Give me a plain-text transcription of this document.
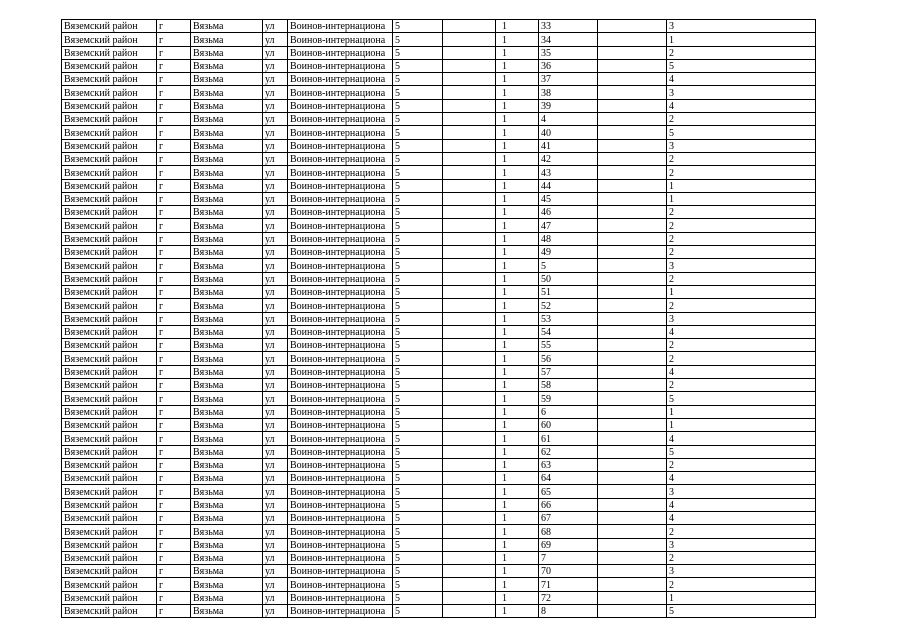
Вяземский район	г	Вязьма	ул	Воинов-интернациона	5		1	33		3
Вяземский район	г	Вязьма	ул	Воинов-интернациона	5		1	34		1
Вяземский район	г	Вязьма	ул	Воинов-интернациона	5		1	35		2
Вяземский район	г	Вязьма	ул	Воинов-интернациона	5		1	36		5
Вяземский район	г	Вязьма	ул	Воинов-интернациона	5		1	37		4
Вяземский район	г	Вязьма	ул	Воинов-интернациона	5		1	38		3
Вяземский район	г	Вязьма	ул	Воинов-интернациона	5		1	39		4
Вяземский район	г	Вязьма	ул	Воинов-интернациона	5		1	4		2
Вяземский район	г	Вязьма	ул	Воинов-интернациона	5		1	40		5
Вяземский район	г	Вязьма	ул	Воинов-интернациона	5		1	41		3
Вяземский район	г	Вязьма	ул	Воинов-интернациона	5		1	42		2
Вяземский район	г	Вязьма	ул	Воинов-интернациона	5		1	43		2
Вяземский район	г	Вязьма	ул	Воинов-интернациона	5		1	44		1
Вяземский район	г	Вязьма	ул	Воинов-интернациона	5		1	45		1
Вяземский район	г	Вязьма	ул	Воинов-интернациона	5		1	46		2
Вяземский район	г	Вязьма	ул	Воинов-интернациона	5		1	47		2
Вяземский район	г	Вязьма	ул	Воинов-интернациона	5		1	48		2
Вяземский район	г	Вязьма	ул	Воинов-интернациона	5		1	49		2
Вяземский район	г	Вязьма	ул	Воинов-интернациона	5		1	5		3
Вяземский район	г	Вязьма	ул	Воинов-интернациона	5		1	50		2
Вяземский район	г	Вязьма	ул	Воинов-интернациона	5		1	51		1
Вяземский район	г	Вязьма	ул	Воинов-интернациона	5		1	52		2
Вяземский район	г	Вязьма	ул	Воинов-интернациона	5		1	53		3
Вяземский район	г	Вязьма	ул	Воинов-интернациона	5		1	54		4
Вяземский район	г	Вязьма	ул	Воинов-интернациона	5		1	55		2
Вяземский район	г	Вязьма	ул	Воинов-интернациона	5		1	56		2
Вяземский район	г	Вязьма	ул	Воинов-интернациона	5		1	57		4
Вяземский район	г	Вязьма	ул	Воинов-интернациона	5		1	58		2
Вяземский район	г	Вязьма	ул	Воинов-интернациона	5		1	59		5
Вяземский район	г	Вязьма	ул	Воинов-интернациона	5		1	6		1
Вяземский район	г	Вязьма	ул	Воинов-интернациона	5		1	60		1
Вяземский район	г	Вязьма	ул	Воинов-интернациона	5		1	61		4
Вяземский район	г	Вязьма	ул	Воинов-интернациона	5		1	62		5
Вяземский район	г	Вязьма	ул	Воинов-интернациона	5		1	63		2
Вяземский район	г	Вязьма	ул	Воинов-интернациона	5		1	64		4
Вяземский район	г	Вязьма	ул	Воинов-интернациона	5		1	65		3
Вяземский район	г	Вязьма	ул	Воинов-интернациона	5		1	66		4
Вяземский район	г	Вязьма	ул	Воинов-интернациона	5		1	67		4
Вяземский район	г	Вязьма	ул	Воинов-интернациона	5		1	68		2
Вяземский район	г	Вязьма	ул	Воинов-интернациона	5		1	69		3
Вяземский район	г	Вязьма	ул	Воинов-интернациона	5		1	7		2
Вяземский район	г	Вязьма	ул	Воинов-интернациона	5		1	70		3
Вяземский район	г	Вязьма	ул	Воинов-интернациона	5		1	71		2
Вяземский район	г	Вязьма	ул	Воинов-интернациона	5		1	72		1
Вяземский район	г	Вязьма	ул	Воинов-интернациона	5		1	8		5
